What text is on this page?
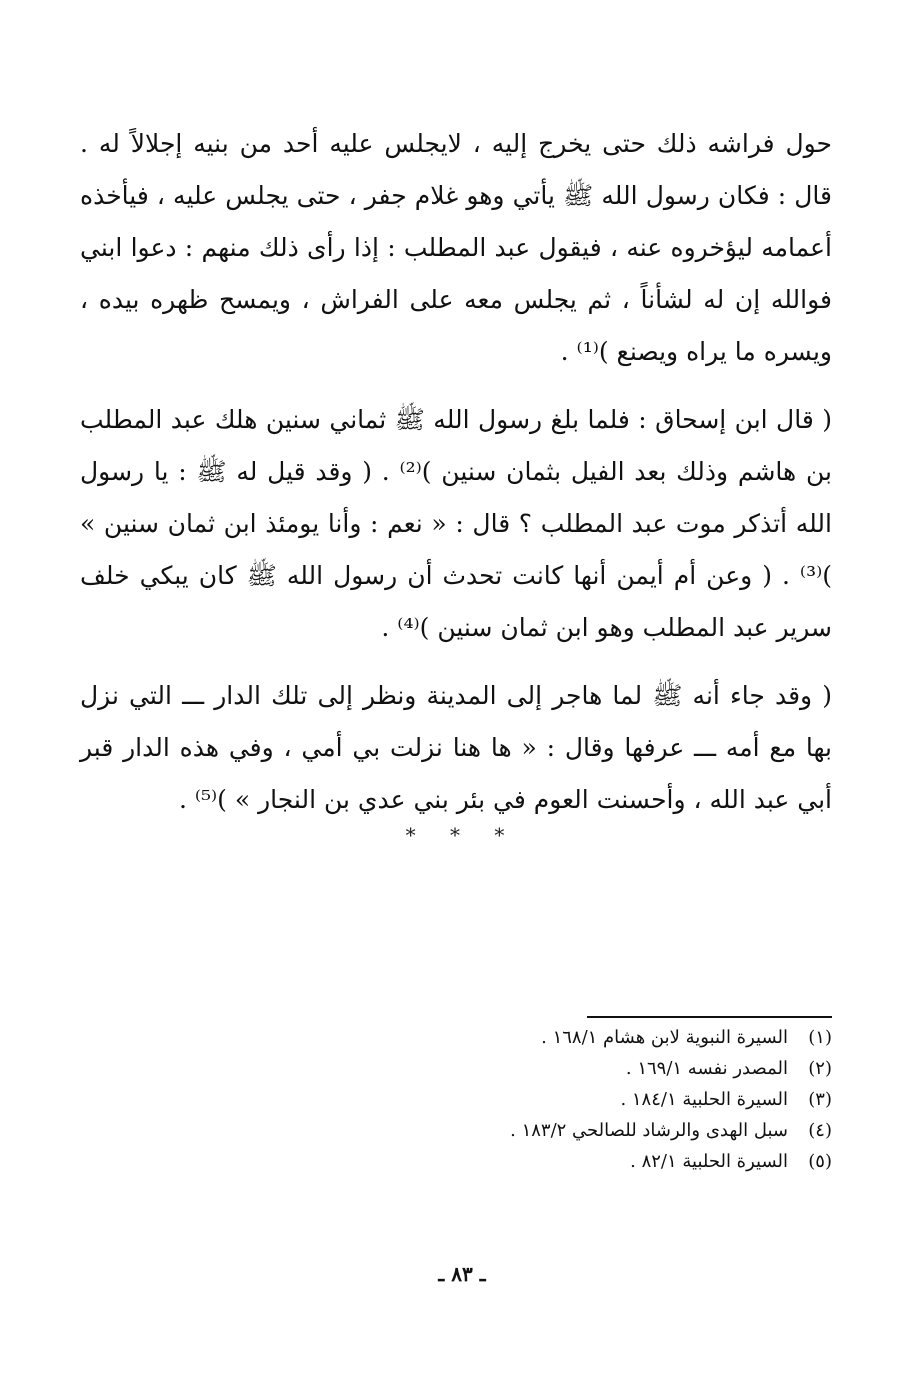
حول فراشه ذلك حتى يخرج إليه ، لايجلس عليه أحد من بنيه إجلالاً له . قال : فكان رسول الله ﷺ يأتي وهو غلام جفر ، حتى يجلس عليه ، فيأخذه أعمامه ليؤخروه عنه ، فيقول عبد المطلب : إذا رأى ذلك منهم : دعوا ابني فوالله إن له لشأناً ، ثم يجلس معه على الفراش ، ويمسح ظهره بيده ، ويسره ما يراه ويصنع )⁽¹⁾ .

( قال ابن إسحاق : فلما بلغ رسول الله ﷺ ثماني سنين هلك عبد المطلب بن هاشم وذلك بعد الفيل بثمان سنين )⁽²⁾ . ( وقد قيل له ﷺ : يا رسول الله أتذكر موت عبد المطلب ؟ قال : « نعم : وأنا يومئذ ابن ثمان سنين » )⁽³⁾ . ( وعن أم أيمن أنها كانت تحدث أن رسول الله ﷺ كان يبكي خلف سرير عبد المطلب وهو ابن ثمان سنين )⁽⁴⁾ .

( وقد جاء أنه ﷺ لما هاجر إلى المدينة ونظر إلى تلك الدار ـــ التي نزل بها مع أمه ـــ عرفها وقال : « ها هنا نزلت بي أمي ، وفي هذه الدار قبر أبي عبد الله ، وأحسنت العوم في بئر بني عدي بن النجار » )⁽⁵⁾ .

* * *
(١)
السيرة النبوية لابن هشام ١٦٨/١ .
(٢)
المصدر نفسه ١٦٩/١ .
(٣)
السيرة الحلبية ١٨٤/١ .
(٤)
سبل الهدى والرشاد للصالحي ١٨٣/٢ .
(٥)
السيرة الحلبية ٨٢/١ .
ـ ٨٣ ـ
